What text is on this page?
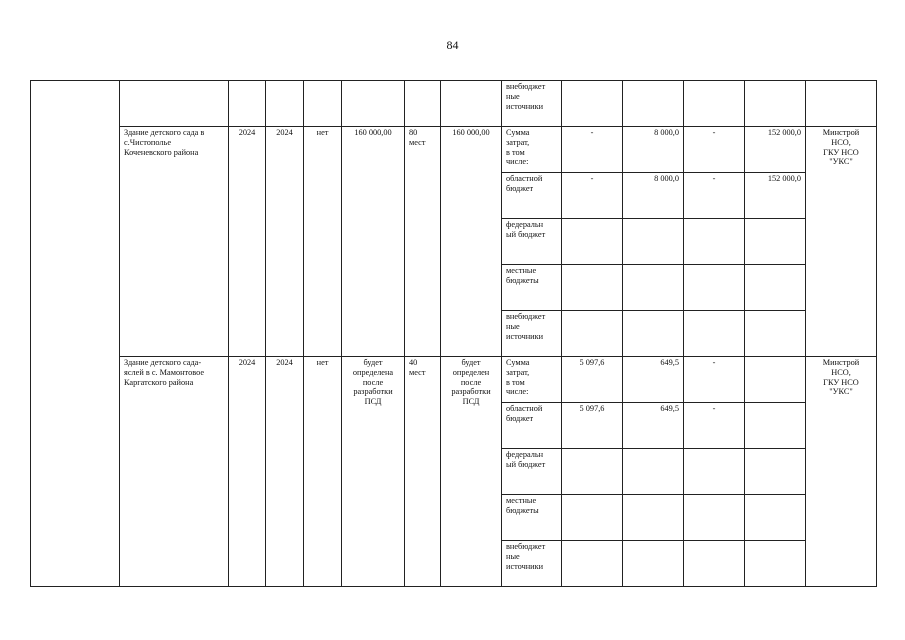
84
								внебюджет
ные
источники					
	Здание детского сада в
с.Чистополье
Коченевского района	2024	2024	нет	160 000,00	80
мест	160 000,00	Сумма
затрат,
в том
числе:	-	8 000,0	-	152 000,0	Минстрой
НСО,
ГКУ НСО
"УКС"
								областной
бюджет	-	8 000,0	-	152 000,0	
								федеральн
ый бюджет					
								местные
бюджеты					
								внебюджет
ные
источники					
	Здание детского сада-
яслей в с. Мамонтовое
Каргатского района	2024	2024	нет	будет
определена
после
разработки
ПСД	40
мест	будет
определен
после
разработки
ПСД	Сумма
затрат,
в том
числе:	5 097,6	649,5	-		Минстрой
НСО,
ГКУ НСО
"УКС"
								областной
бюджет	5 097,6	649,5	-		
								федеральн
ый бюджет					
								местные
бюджеты					
								внебюджет
ные
источники					
